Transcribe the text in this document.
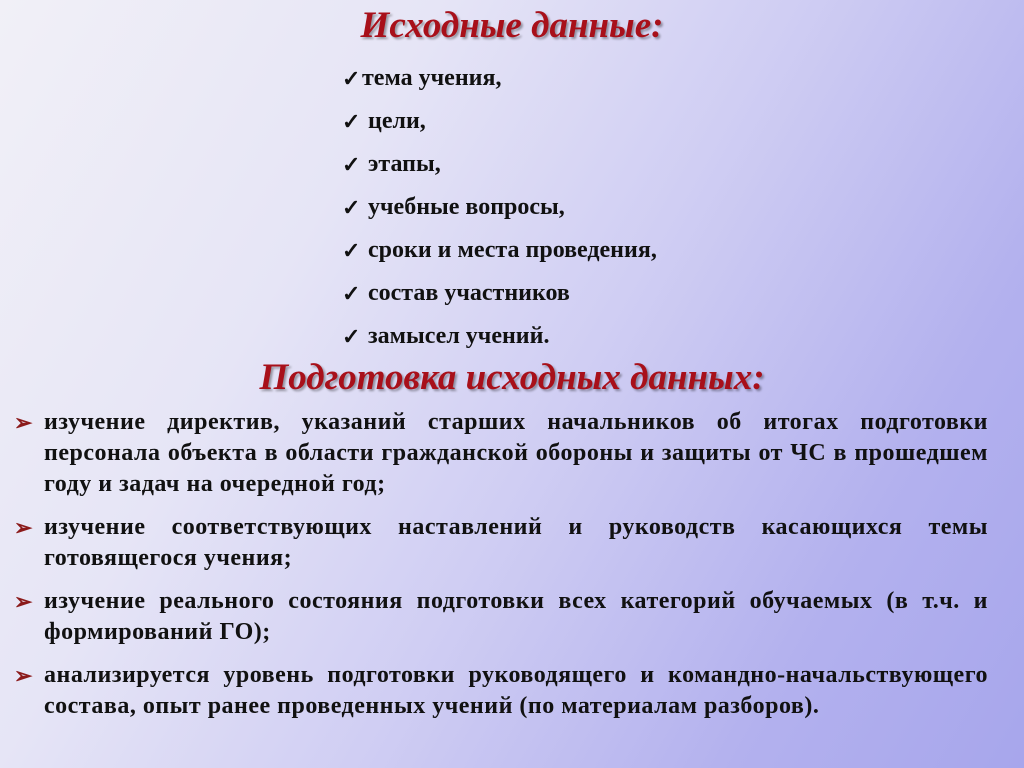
Исходные данные:
✓ тема учения,
✓ цели,
✓ этапы,
✓ учебные вопросы,
✓ сроки и места проведения,
✓ состав участников
✓ замысел учений.
Подготовка исходных данных:
➢ изучение директив, указаний старших начальников об итогах подготовки персонала объекта в области гражданской обороны и защиты от ЧС в прошедшем году и задач на очередной год;
➢ изучение соответствующих наставлений и руководств касающихся темы готовящегося учения;
➢ изучение реального состояния подготовки всех категорий обучаемых (в т.ч. и формирований ГО);
➢ анализируется уровень подготовки руководящего и командно-начальствующего состава, опыт ранее проведенных учений (по материалам разборов).
